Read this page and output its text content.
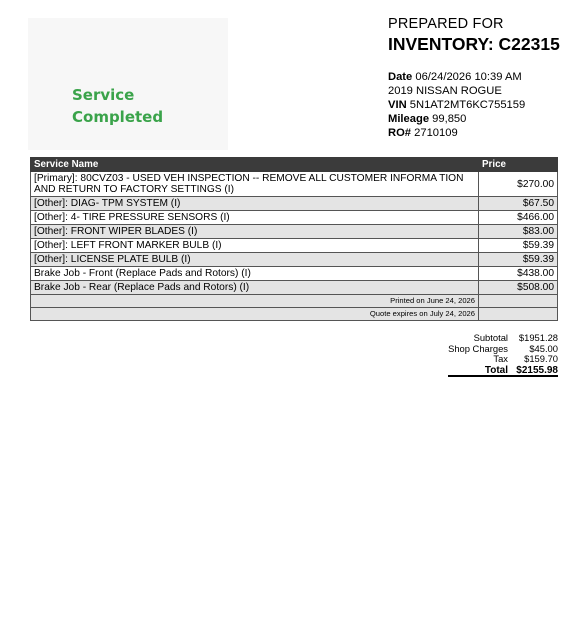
Service
Completed
PREPARED FOR
INVENTORY: C22315
Date 06/24/2026 10:39 AM
2019 NISSAN ROGUE
VIN 5N1AT2MT6KC755159
Mileage 99,850
RO# 2710109
Service Name	Price
[Primary]: 80CVZ03 - USED VEH INSPECTION -- REMOVE ALL CUSTOMER INFORMA TION AND RETURN TO FACTORY SETTINGS (I)	$270.00
[Other]: DIAG- TPM SYSTEM (I)	$67.50
[Other]: 4- TIRE PRESSURE SENSORS (I)	$466.00
[Other]: FRONT WIPER BLADES (I)	$83.00
[Other]: LEFT FRONT MARKER BULB (I)	$59.39
[Other]: LICENSE PLATE BULB (I)	$59.39
Brake Job - Front (Replace Pads and Rotors) (I)	$438.00
Brake Job - Rear (Replace Pads and Rotors) (I)	$508.00
Printed on June 24, 2026	
Quote expires on July 24, 2026	
Subtotal	$1951.28
Shop Charges	$45.00
Tax	$159.70
Total $2155.98
